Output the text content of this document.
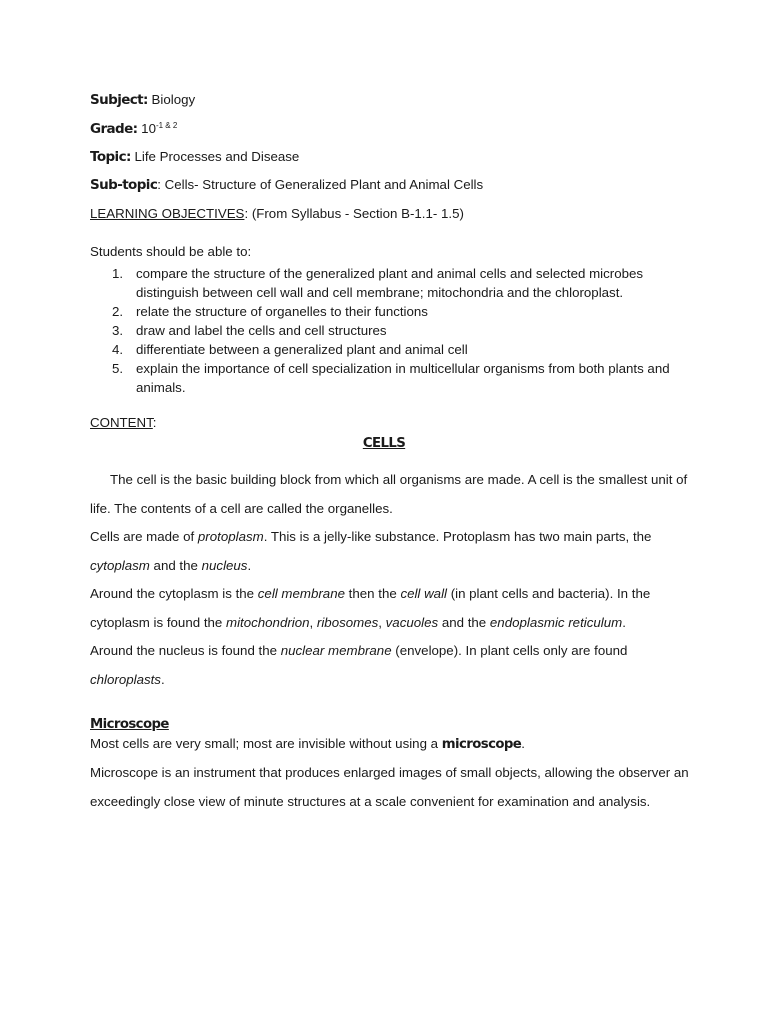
Subject: Biology
Grade: $10^{-1 \& 2}$
Topic: Life Processes and Disease
Sub-topic: Cells- Structure of Generalized Plant and Animal Cells
LEARNING OBJECTIVES: (From Syllabus - Section B-1.1- 1.5)
Students should be able to:
1. compare the structure of the generalized plant and animal cells and selected microbes distinguish between cell wall and cell membrane; mitochondria and the chloroplast.
2. relate the structure of organelles to their functions
3. draw and label the cells and cell structures
4. differentiate between a generalized plant and animal cell
5. explain the importance of cell specialization in multicellular organisms from both plants and animals.
CONTENT:
CELLS
The cell is the basic building block from which all organisms are made. A cell is the smallest unit of life. The contents of a cell are called the organelles.
Cells are made of protoplasm. This is a jelly-like substance. Protoplasm has two main parts, the cytoplasm and the nucleus.
Around the cytoplasm is the cell membrane then the cell wall (in plant cells and bacteria). In the cytoplasm is found the mitochondrion, ribosomes, vacuoles and the endoplasmic reticulum.
Around the nucleus is found the nuclear membrane (envelope). In plant cells only are found chloroplasts.
Microscope
Most cells are very small; most are invisible without using a microscope.
Microscope is an instrument that produces enlarged images of small objects, allowing the observer an exceedingly close view of minute structures at a scale convenient for examination and analysis.
